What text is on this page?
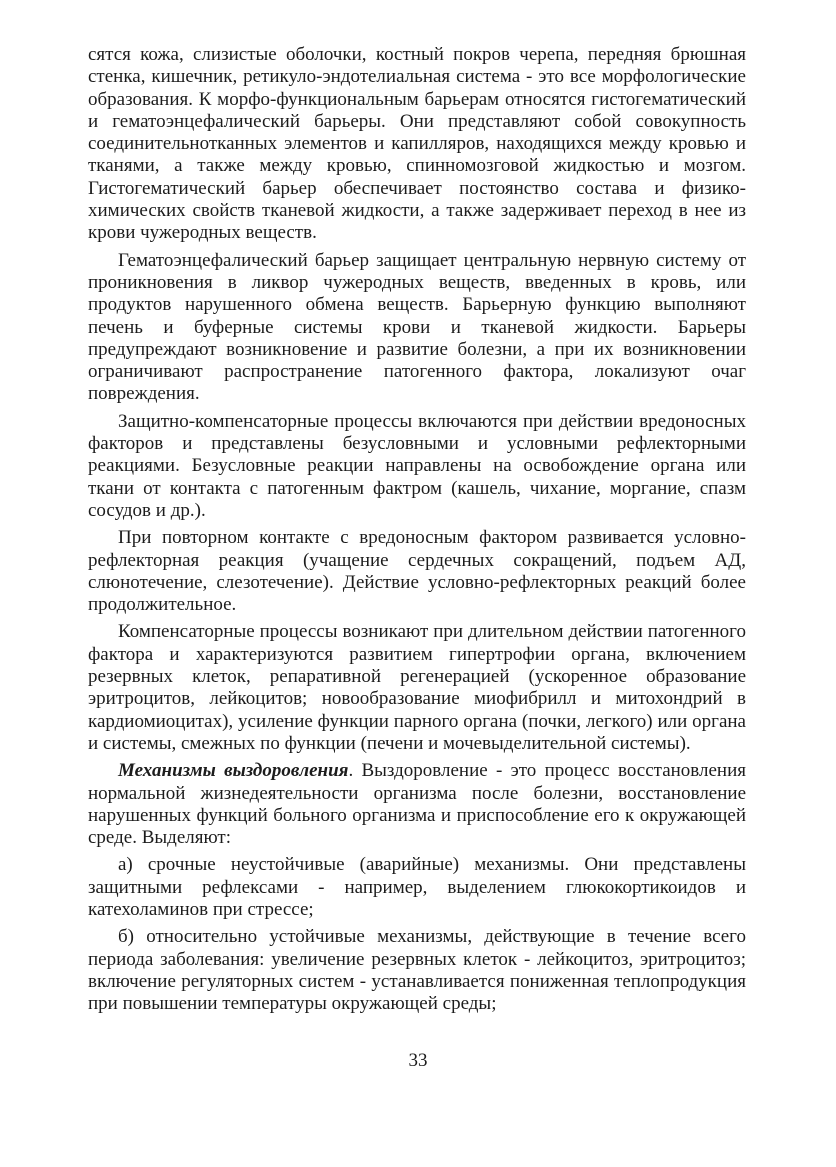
сятся кожа, слизистые оболочки, костный покров черепа, передняя брюшная стенка, кишечник, ретикуло-эндотелиальная система - это все морфологические образования. К морфо-функциональным барьерам относятся гистогематический и гематоэнцефалический барьеры. Они представляют собой совокупность соединительнотканных элементов и капилляров, находящихся между кровью и тканями, а также между кровью, спинномозговой жидкостью и мозгом. Гистогематический барьер обеспечивает постоянство состава и физико-химических свойств тканевой жидкости, а также задерживает переход в нее из крови чужеродных веществ.

Гематоэнцефалический барьер защищает центральную нервную систему от проникновения в ликвор чужеродных веществ, введенных в кровь, или продуктов нарушенного обмена веществ. Барьерную функцию выполняют печень и буферные системы крови и тканевой жидкости. Барьеры предупреждают возникновение и развитие болезни, а при их возникновении ограничивают распространение патогенного фактора, локализуют очаг повреждения.

Защитно-компенсаторные процессы включаются при действии вредоносных факторов и представлены безусловными и условными рефлекторными реакциями. Безусловные реакции направлены на освобождение органа или ткани от контакта с патогенным фактром (кашель, чихание, моргание, спазм сосудов и др.).

При повторном контакте с вредоносным фактором развивается условно-рефлекторная реакция (учащение сердечных сокращений, подъем АД, слюнотечение, слезотечение). Действие условно-рефлекторных реакций более продолжительное.

Компенсаторные процессы возникают при длительном действии патогенного фактора и характеризуются развитием гипертрофии органа, включением резервных клеток, репаративной регенерацией (ускоренное образование эритроцитов, лейкоцитов; новообразование миофибрилл и митохондрий в кардиомиоцитах), усиление функции парного органа (почки, легкого) или органа и системы, смежных по функции (печени и мочевыделительной системы).

Механизмы выздоровления. Выздоровление - это процесс восстановления нормальной жизнедеятельности организма после болезни, восстановление нарушенных функций больного организма и приспособление его к окружающей среде. Выделяют:

а) срочные неустойчивые (аварийные) механизмы. Они представлены защитными рефлексами - например, выделением глюкокортикоидов и катехоламинов при стрессе;

б) относительно устойчивые механизмы, действующие в течение всего периода заболевания: увеличение резервных клеток - лейкоцитоз, эритроцитоз; включение регуляторных систем - устанавливается пониженная теплопродукция при повышении температуры окружающей среды;

33
